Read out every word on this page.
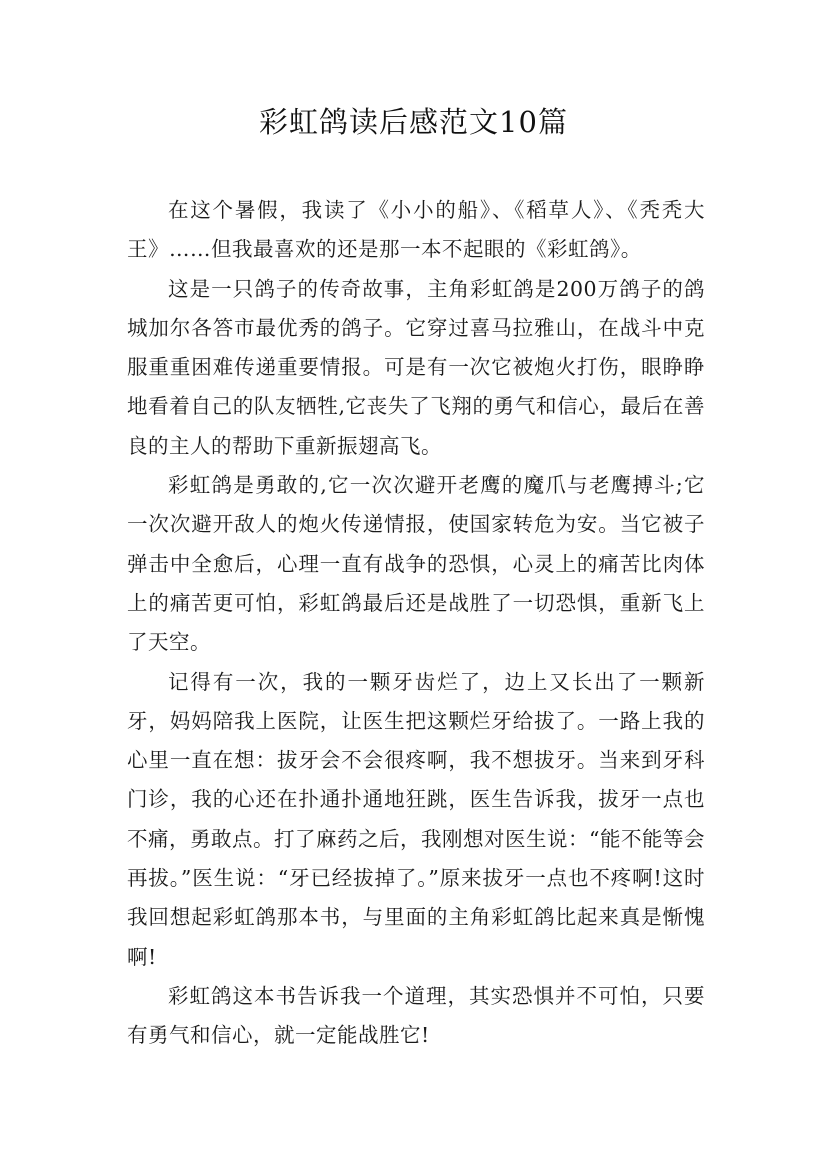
彩虹鸽读后感范文10篇

在这个暑假，我读了《小小的船》、《稻草人》、《秃秃大王》……但我最喜欢的还是那一本不起眼的《彩虹鸽》。

这是一只鸽子的传奇故事，主角彩虹鸽是200万鸽子的鸽城加尔各答市最优秀的鸽子。它穿过喜马拉雅山，在战斗中克服重重困难传递重要情报。可是有一次它被炮火打伤，眼睁睁地看着自己的队友牺牲,它丧失了飞翔的勇气和信心，最后在善良的主人的帮助下重新振翅高飞。

彩虹鸽是勇敢的,它一次次避开老鹰的魔爪与老鹰搏斗;它一次次避开敌人的炮火传递情报，使国家转危为安。当它被子弹击中全愈后，心理一直有战争的恐惧，心灵上的痛苦比肉体上的痛苦更可怕，彩虹鸽最后还是战胜了一切恐惧，重新飞上了天空。

记得有一次，我的一颗牙齿烂了，边上又长出了一颗新牙，妈妈陪我上医院，让医生把这颗烂牙给拔了。一路上我的心里一直在想：拔牙会不会很疼啊，我不想拔牙。当来到牙科门诊，我的心还在扑通扑通地狂跳，医生告诉我，拔牙一点也不痛，勇敢点。打了麻药之后，我刚想对医生说：“能不能等会再拔。”医生说：“牙已经拔掉了。”原来拔牙一点也不疼啊!这时我回想起彩虹鸽那本书，与里面的主角彩虹鸽比起来真是惭愧啊!

彩虹鸽这本书告诉我一个道理，其实恐惧并不可怕，只要有勇气和信心，就一定能战胜它!
